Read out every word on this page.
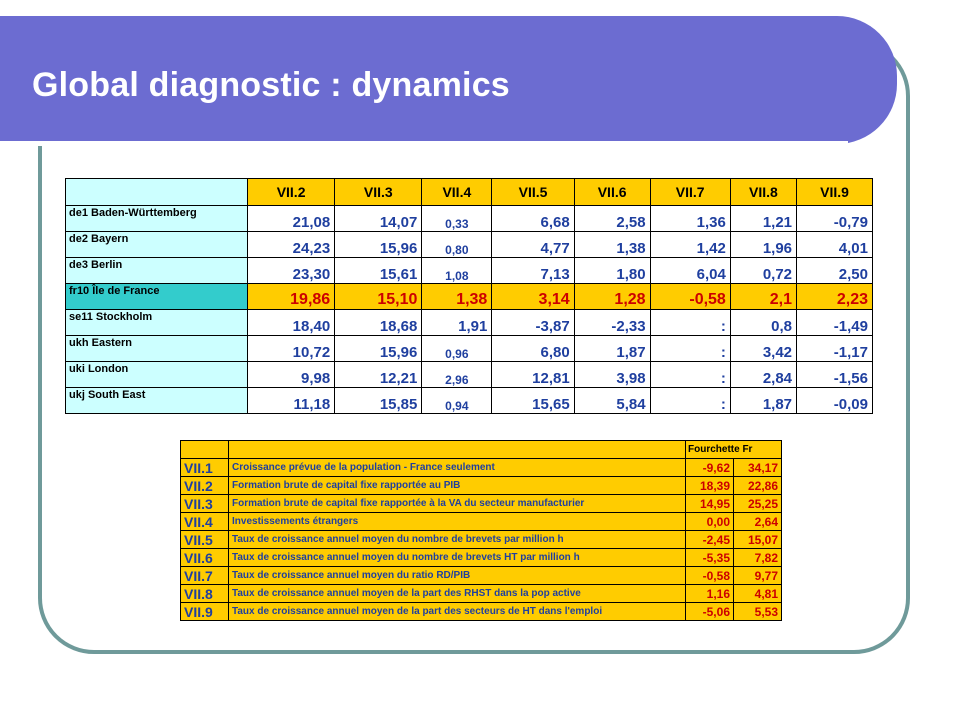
Global diagnostic : dynamics
	VII.2	VII.3	VII.4	VII.5	VII.6	VII.7	VII.8	VII.9
de1 Baden-Württemberg	21,08	14,07	0,33	6,68	2,58	1,36	1,21	-0,79
de2 Bayern	24,23	15,96	0,80	4,77	1,38	1,42	1,96	4,01
de3 Berlin	23,30	15,61	1,08	7,13	1,80	6,04	0,72	2,50
fr10 Île de France	19,86	15,10	1,38	3,14	1,28	-0,58	2,1	2,23
se11 Stockholm	18,40	18,68	1,91	-3,87	-2,33	:	0,8	-1,49
ukh Eastern	10,72	15,96	0,96	6,80	1,87	:	3,42	-1,17
uki London	9,98	12,21	2,96	12,81	3,98	:	2,84	-1,56
ukj South East	11,18	15,85	0,94	15,65	5,84	:	1,87	-0,09
		Fourchette Fr	
VII.1	Croissance prévue de la population - France seulement	-9,62	34,17
VII.2	Formation brute de capital fixe rapportée au PIB	18,39	22,86
VII.3	Formation brute de capital fixe rapportée à la VA du secteur manufacturier	14,95	25,25
VII.4	Investissements étrangers	0,00	2,64
VII.5	Taux de croissance annuel moyen du nombre de brevets par million h	-2,45	15,07
VII.6	Taux de croissance annuel moyen du nombre de brevets HT par million h	-5,35	7,82
VII.7	Taux de croissance annuel moyen du ratio RD/PIB	-0,58	9,77
VII.8	Taux de croissance annuel moyen de la part des RHST dans la pop active	1,16	4,81
VII.9	Taux de croissance annuel moyen de la part des secteurs de HT dans l'emploi	-5,06	5,53
